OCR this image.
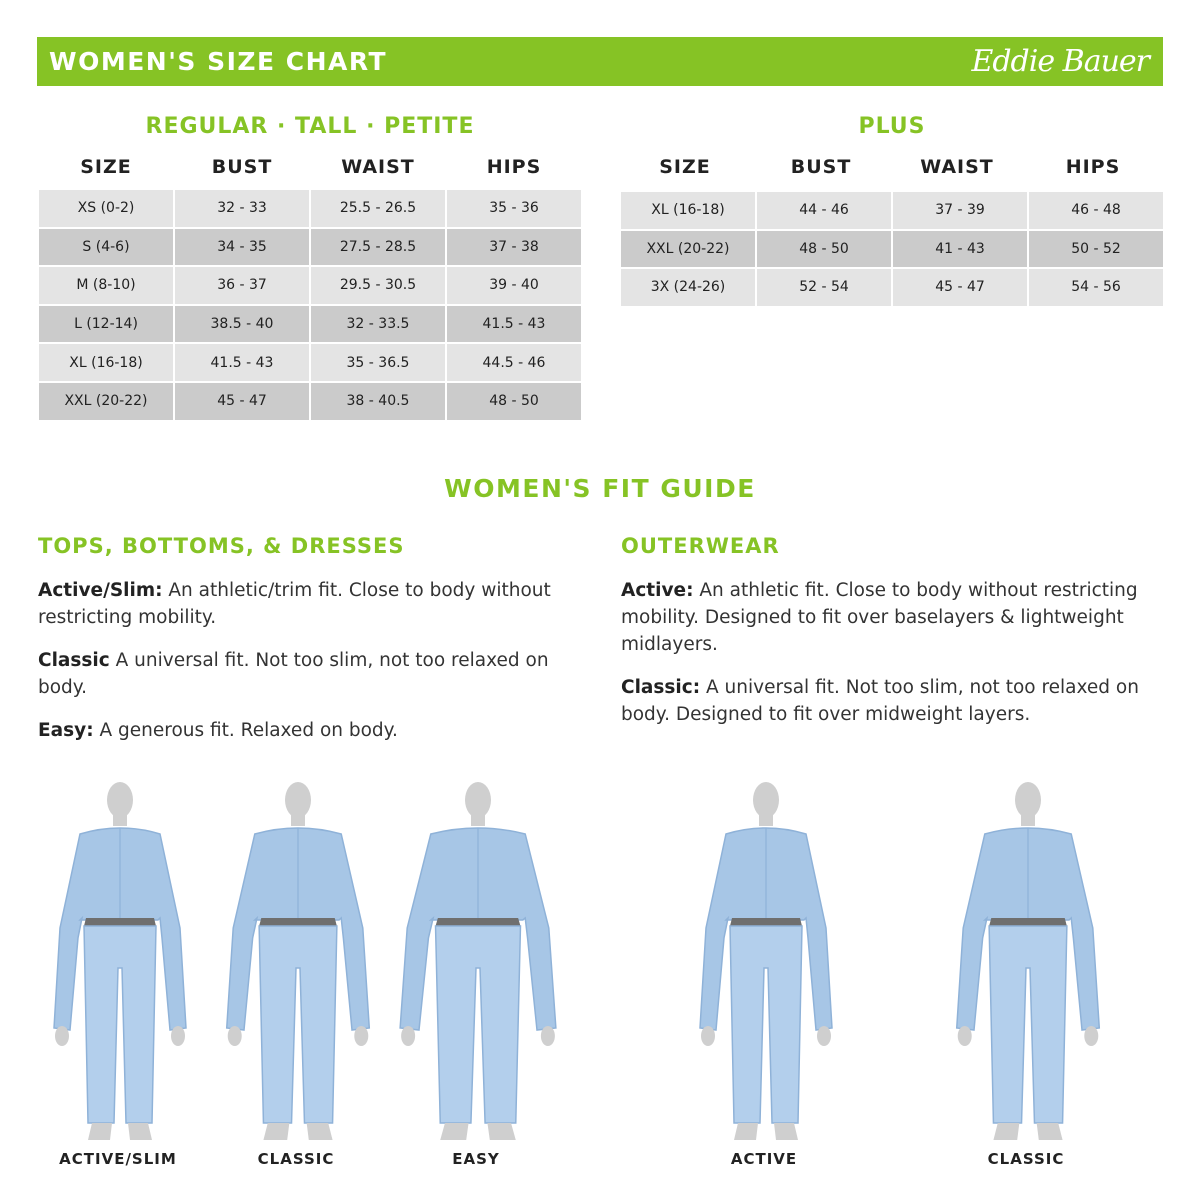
WOMEN'S SIZE CHART	Eddie Bauer
REGULAR · TALL · PETITE
SIZE	BUST	WAIST	HIPS
XS (0-2)	32 - 33	25.5 - 26.5	35 - 36
S (4-6)	34 - 35	27.5 - 28.5	37 - 38
M (8-10)	36 - 37	29.5 - 30.5	39 - 40
L (12-14)	38.5 - 40	32 - 33.5	41.5 - 43
XL (16-18)	41.5 - 43	35 - 36.5	44.5 - 46
XXL (20-22)	45 - 47	38 - 40.5	48 - 50
PLUS
SIZE	BUST	WAIST	HIPS
XL (16-18)	44 - 46	37 - 39	46 - 48
XXL (20-22)	48 - 50	41 - 43	50 - 52
3X (24-26)	52 - 54	45 - 47	54 - 56
WOMEN'S FIT GUIDE
TOPS, BOTTOMS, & DRESSES
Active/Slim: An athletic/trim fit. Close to body without restricting mobility.
Classic A universal fit. Not too slim, not too relaxed on body.
Easy: A generous fit. Relaxed on body.
OUTERWEAR
Active: An athletic fit. Close to body without restricting mobility. Designed to fit over baselayers & lightweight midlayers.
Classic: A universal fit. Not too slim, not too relaxed on body. Designed to fit over midweight layers.
ACTIVE/SLIM	CLASSIC	EASY	ACTIVE	CLASSIC
